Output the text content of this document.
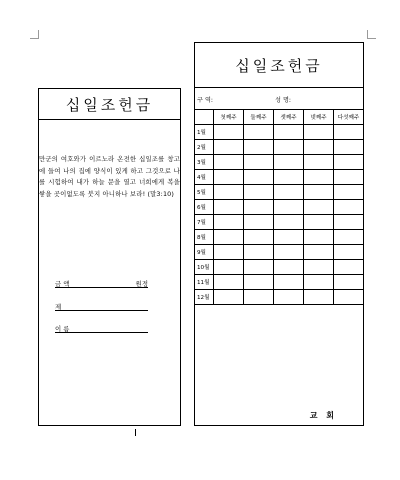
십일조헌금

만군의 여호와가 이르노라 온전한 십일조를 창고에 들여 나의 집에 양식이 있게 하고 그것으로 나를 시험하여 내가 하늘 문을 열고 너희에게 복을 쌓을 곳이없도록 붓지 아니하나 보라! (말3:10)

금 액	원정
제
이 름
십일조헌금
구 역:	성 명:
첫째주	둘째주	셋째주	넷째주	다섯째주
1월
2월
3월
4월
5월
6월
7월
8월
9월
10월
11월
12월
교 회
